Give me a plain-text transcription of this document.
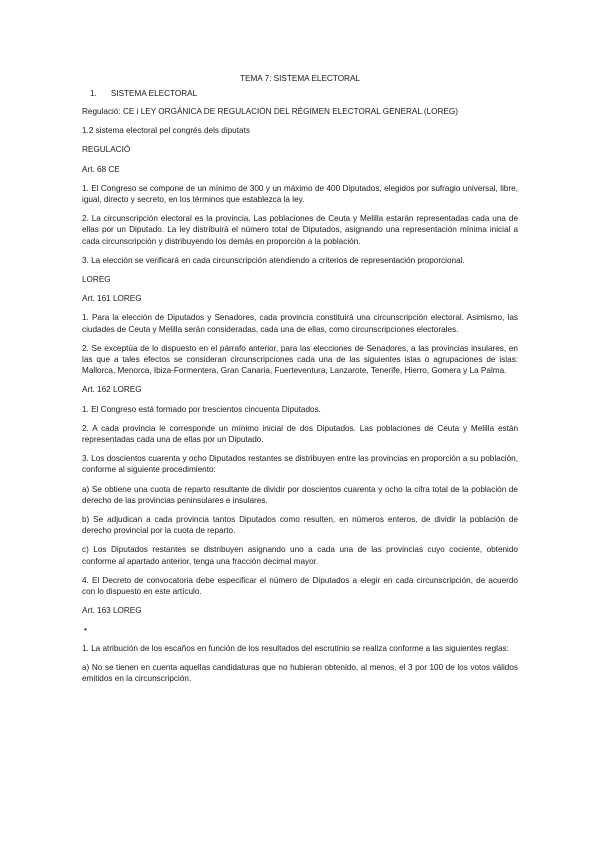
TEMA 7: SISTEMA ELECTORAL
1. SISTEMA ELECTORAL

Regulació: CE i LEY ORGÁNICA DE REGULACIÓN DEL RÉGIMEN ELECTORAL GENERAL (LOREG)

1.2 sistema electoral pel congrés dels diputats

REGULACIÓ

Art. 68 CE

1. El Congreso se compone de un mínimo de 300 y un máximo de 400 Diputados, elegidos por sufragio universal, libre, igual, directo y secreto, en los términos que establezca la ley.

2. La circunscripción electoral es la provincia. Las poblaciones de Ceuta y Melilla estarán representadas cada una de ellas por un Diputado. La ley distribuirá el número total de Diputados, asignando una representación mínima inicial a cada circunscripción y distribuyendo los demás en proporción a la población.

3. La elección se verificará en cada circunscripción atendiendo a criterios de representación proporcional.

LOREG

Art. 161 LOREG

1. Para la elección de Diputados y Senadores, cada provincia constituirá una circunscripción electoral. Asimismo, las ciudades de Ceuta y Melilla serán consideradas, cada una de ellas, como circunscripciones electorales.

2. Se exceptúa de lo dispuesto en el párrafo anterior, para las elecciones de Senadores, a las provincias insulares, en las que a tales efectos se consideran circunscripciones cada una de las siguientes islas o agrupaciones de islas: Mallorca, Menorca, Ibiza-Formentera, Gran Canaria, Fuerteventura, Lanzarote, Tenerife, Hierro, Gomera y La Palma.

Art. 162 LOREG

1. El Congreso está formado por trescientos cincuenta Diputados.

2. A cada provincia le corresponde un mínimo inicial de dos Diputados. Las poblaciones de Ceuta y Melilla están representadas cada una de ellas por un Diputado.

3. Los doscientos cuarenta y ocho Diputados restantes se distribuyen entre las provincias en proporción a su población, conforme al siguiente procedimiento:

a) Se obtiene una cuota de reparto resultante de dividir por doscientos cuarenta y ocho la cifra total de la población de derecho de las provincias peninsulares e insulares.

b) Se adjudican a cada provincia tantos Diputados como resulten, en números enteros, de dividir la población de derecho provincial por la cuota de reparto.

c) Los Diputados restantes se distribuyen asignando uno a cada una de las provincias cuyo cociente, obtenido conforme al apartado anterior, tenga una fracción decimal mayor.

4. El Decreto de convocatoria debe especificar el número de Diputados a elegir en cada circunscripción, de acuerdo con lo dispuesto en este artículo.

Art. 163 LOREG

•

1. La atribución de los escaños en función de los resultados del escrutinio se realiza conforme a las siguientes reglas:

a) No se tienen en cuenta aquellas candidaturas que no hubieran obtenido, al menos, el 3 por 100 de los votos válidos emitidos en la circunscripción.
